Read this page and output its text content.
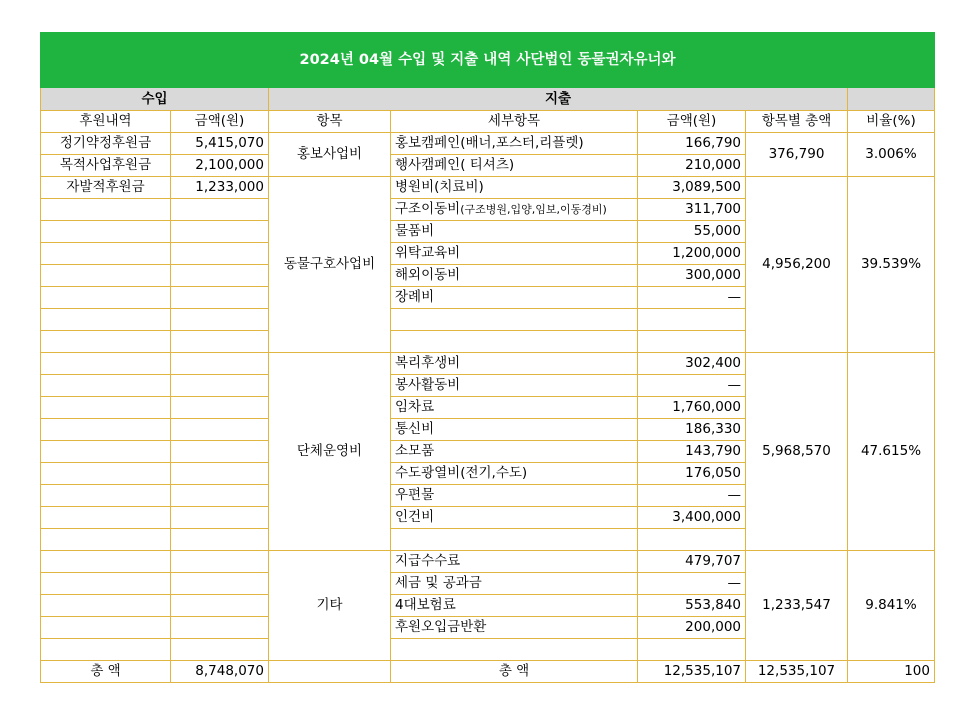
2024년 04월 수입 및 지출 내역 사단법인 동물권자유너와						
수입		지출				
후원내역	금액(원)	항목	세부항목	금액(원)	항목별 총액	비율(%)
정기약정후원금	5,415,070	홍보사업비	홍보캠페인(배너,포스터,리플렛)	166,790	376,790	3.006%
목적사업후원금	2,100,000		행사캠페인( 티셔츠)	210,000		
자발적후원금	1,233,000	동물구호사업비	병원비(치료비)	3,089,500	4,956,200	39.539%
			구조이동비(구조병원,입양,임보,이동경비)	311,700		
			물품비	55,000		
			위탁교육비	1,200,000		
			해외이동비	300,000		
			장례비	—		

		단체운영비	복리후생비	302,400	5,968,570	47.615%
			봉사활동비	—		
			임차료	1,760,000		
			통신비	186,330		
			소모품	143,790		
			수도광열비(전기,수도)	176,050		
			우편물	—		
			인건비	3,400,000		

		기타	지급수수료	479,707	1,233,547	9.841%
			세금 및 공과금	—		
			4대보험료	553,840		
			후원오입금반환	200,000		

총 액	8,748,070		총 액	12,535,107	12,535,107	100
